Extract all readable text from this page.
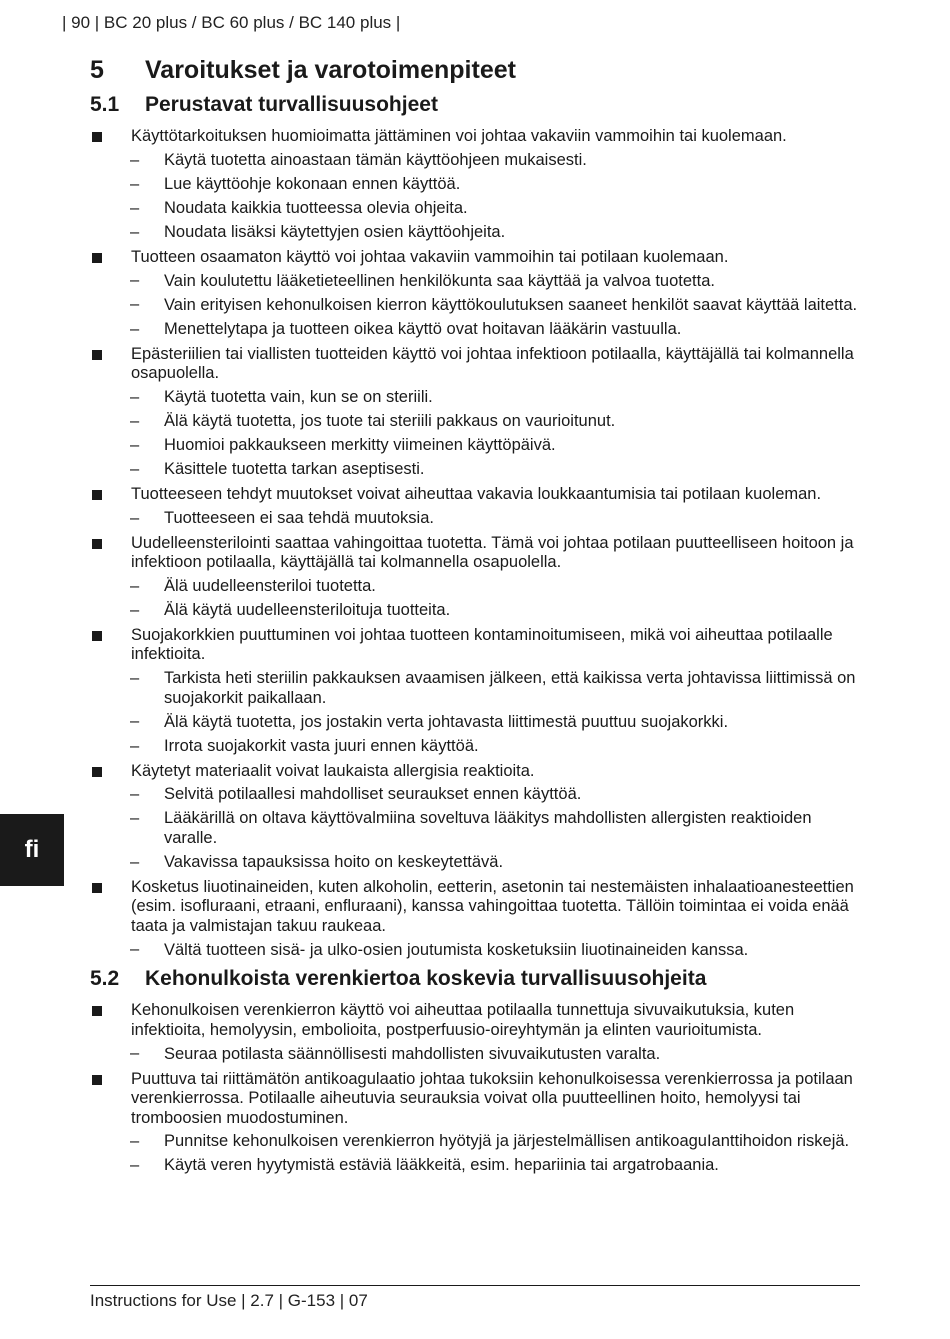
| 90 | BC 20 plus / BC 60 plus / BC 140 plus |
fi
5	Varoitukset ja varotoimenpiteet
5.1	Perustavat turvallisuusohjeet
Käyttötarkoituksen huomioimatta jättäminen voi johtaa vakaviin vammoihin tai kuolemaan.
– Käytä tuotetta ainoastaan tämän käyttöohjeen mukaisesti.
– Lue käyttöohje kokonaan ennen käyttöä.
– Noudata kaikkia tuotteessa olevia ohjeita.
– Noudata lisäksi käytettyjen osien käyttöohjeita.
Tuotteen osaamaton käyttö voi johtaa vakaviin vammoihin tai potilaan kuolemaan.
– Vain koulutettu lääketieteellinen henkilökunta saa käyttää ja valvoa tuotetta.
– Vain erityisen kehonulkoisen kierron käyttökoulutuksen saaneet henkilöt saavat käyttää laitetta.
– Menettelytapa ja tuotteen oikea käyttö ovat hoitavan lääkärin vastuulla.
Epästeriilien tai viallisten tuotteiden käyttö voi johtaa infektioon potilaalla, käyttäjällä tai kolmannella osapuolella.
– Käytä tuotetta vain, kun se on steriili.
– Älä käytä tuotetta, jos tuote tai steriili pakkaus on vaurioitunut.
– Huomioi pakkaukseen merkitty viimeinen käyttöpäivä.
– Käsittele tuotetta tarkan aseptisesti.
Tuotteeseen tehdyt muutokset voivat aiheuttaa vakavia loukkaantumisia tai potilaan kuoleman.
– Tuotteeseen ei saa tehdä muutoksia.
Uudelleensterilointi saattaa vahingoittaa tuotetta. Tämä voi johtaa potilaan puutteelliseen hoitoon ja infektioon potilaalla, käyttäjällä tai kolmannella osapuolella.
– Älä uudelleensteriloi tuotetta.
– Älä käytä uudelleensteriloituja tuotteita.
Suojakorkkien puuttuminen voi johtaa tuotteen kontaminoitumiseen, mikä voi aiheuttaa potilaalle infektioita.
– Tarkista heti steriilin pakkauksen avaamisen jälkeen, että kaikissa verta johtavissa liittimissä on suojakorkit paikallaan.
– Älä käytä tuotetta, jos jostakin verta johtavasta liittimestä puuttuu suojakorkki.
– Irrota suojakorkit vasta juuri ennen käyttöä.
Käytetyt materiaalit voivat laukaista allergisia reaktioita.
– Selvitä potilaallesi mahdolliset seuraukset ennen käyttöä.
– Lääkärillä on oltava käyttövalmiina soveltuva lääkitys mahdollisten allergisten reaktioiden varalle.
– Vakavissa tapauksissa hoito on keskeytettävä.
Kosketus liuotinaineiden, kuten alkoholin, eetterin, asetonin tai nestemäisten inhalaatioanesteettien (esim. isofluraani, etraani, enfluraani), kanssa vahingoittaa tuotetta. Tällöin toimintaa ei voida enää taata ja valmistajan takuu raukeaa.
– Vältä tuotteen sisä- ja ulko-osien joutumista kosketuksiin liuotinaineiden kanssa.
5.2	Kehonulkoista verenkiertoa koskevia turvallisuusohjeita
Kehonulkoisen verenkierron käyttö voi aiheuttaa potilaalla tunnettuja sivuvaikutuksia, kuten infektioita, hemolyysin, embolioita, postperfuusio-oireyhtymän ja elinten vaurioitumista.
– Seuraa potilasta säännöllisesti mahdollisten sivuvaikutusten varalta.
Puuttuva tai riittämätön antikoagulaatio johtaa tukoksiin kehonulkoisessa verenkierrossa ja potilaan verenkierrossa. Potilaalle aiheutuvia seurauksia voivat olla puutteellinen hoito, hemolyysi tai tromboosien muodostuminen.
– Punnitse kehonulkoisen verenkierron hyötyjä ja järjestelmällisen antikoaguIanttihoidon riskejä.
– Käytä veren hyytymistä estäviä lääkkeitä, esim. hepariinia tai argatrobaania.
Instructions for Use | 2.7 | G-153 | 07
